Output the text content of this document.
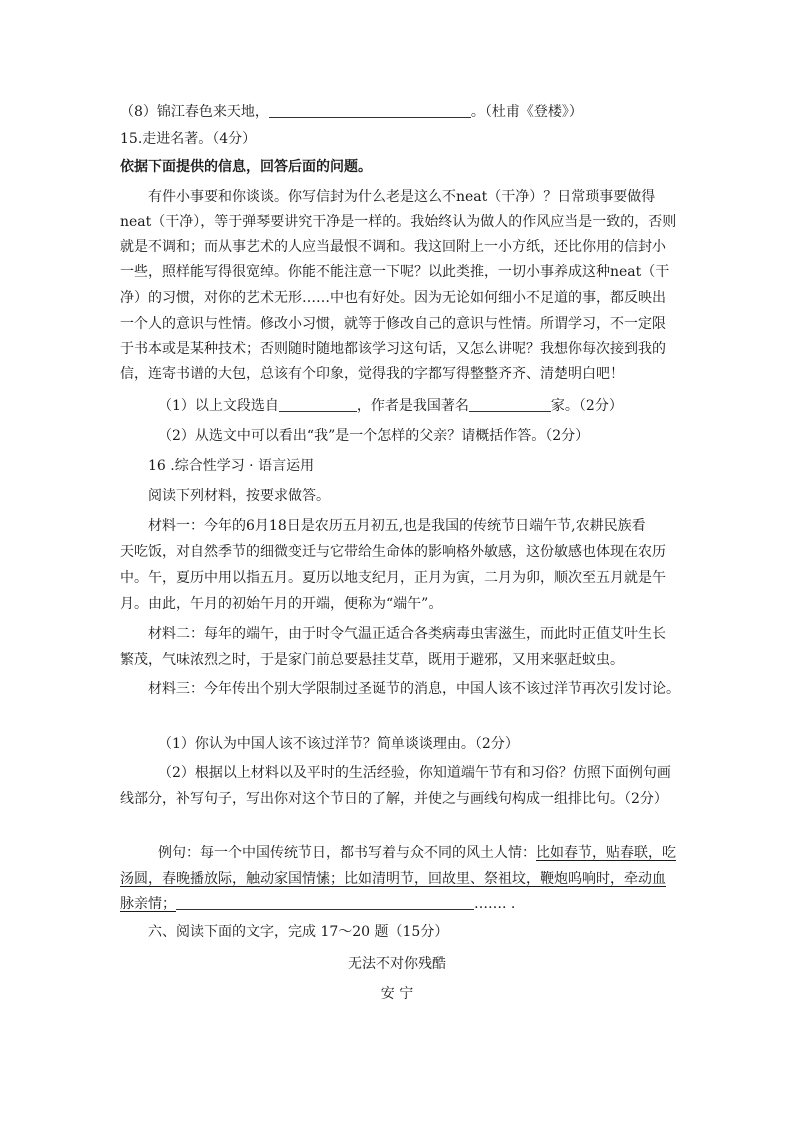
（8）锦江春色来天地，	。（杜甫《登楼》）
15.走进名著。（4分）
依据下面提供的信息，回答后面的问题。
有件小事要和你谈谈。你写信封为什么老是这么不neat（干净）？日常琐事要做得
neat（干净），等于弹琴要讲究干净是一样的。我始终认为做人的作风应当是一致的，否则
就是不调和；而从事艺术的人应当最恨不调和。我这回附上一小方纸，还比你用的信封小
一些，照样能写得很宽绰。你能不能注意一下呢？以此类推，一切小事养成这种neat（干
净）的习惯，对你的艺术无形……中也有好处。因为无论如何细小不足道的事，都反映出
一个人的意识与性情。修改小习惯，就等于修改自己的意识与性情。所谓学习，不一定限
于书本或是某种技术；否则随时随地都该学习这句话，又怎么讲呢？我想你每次接到我的
信，连寄书谱的大包，总该有个印象，觉得我的字都写得整整齐齐、清楚明白吧！
（1）以上文段选自	，作者是我国著名	家。（2分）
（2）从选文中可以看出“我”是一个怎样的父亲？请概括作答。（2分）
16 .综合性学习 · 语言运用
阅读下列材料，按要求做答。
材料一：今年的6月18日是农历五月初五,也是我国的传统节日端午节,农耕民族看
天吃饭，对自然季节的细微变迁与它带给生命体的影响格外敏感，这份敏感也体现在农历
中。午，夏历中用以指五月。夏历以地支纪月，正月为寅，二月为卯，顺次至五月就是午
月。由此，午月的初始午月的开端，便称为“端午”。
材料二：每年的端午，由于时令气温正适合各类病毒虫害滋生，而此时正值艾叶生长
繁茂，气味浓烈之时，于是家门前总要悬挂艾草，既用于避邪，又用来驱赶蚊虫。
材料三：今年传出个别大学限制过圣诞节的消息，中国人该不该过洋节再次引发讨论。
（1）你认为中国人该不该过洋节？简单谈谈理由。（2分）
（2）根据以上材料以及平时的生活经验，你知道端午节有和习俗？仿照下面例句画
线部分，补写句子，写出你对这个节日的了解，并使之与画线句构成一组排比句。（2分）
例句：每一个中国传统节日，都书写着与众不同的风土人情：比如春节，贴春联，吃
汤圆，春晚播放际，触动家国情愫；比如清明节，回故里、祭祖坟，鞭炮呜响时，牵动血
脉亲情；	……. .
六、阅读下面的文字，完成 17～20 题（15分）
无法不对你残酷
安 宁
